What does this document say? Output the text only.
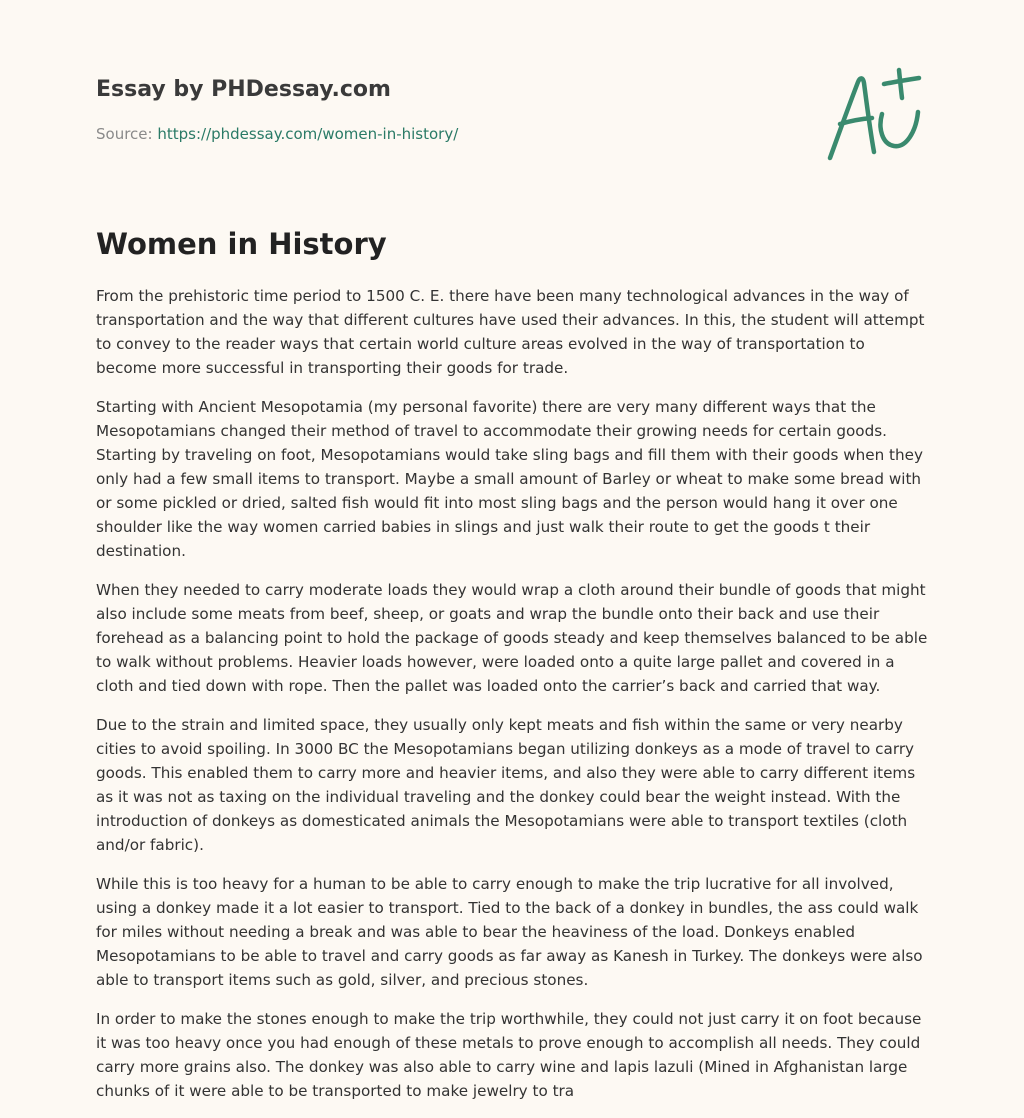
Essay by PHDessay.com
Source: https://phdessay.com/women-in-history/
Women in History

From the prehistoric time period to 1500 C. E. there have been many technological advances in the way of transportation and the way that different cultures have used their advances. In this, the student will attempt to convey to the reader ways that certain world culture areas evolved in the way of transportation to become more successful in transporting their goods for trade.

Starting with Ancient Mesopotamia (my personal favorite) there are very many different ways that the Mesopotamians changed their method of travel to accommodate their growing needs for certain goods. Starting by traveling on foot, Mesopotamians would take sling bags and fill them with their goods when they only had a few small items to transport. Maybe a small amount of Barley or wheat to make some bread with or some pickled or dried, salted fish would fit into most sling bags and the person would hang it over one shoulder like the way women carried babies in slings and just walk their route to get the goods t their destination.

When they needed to carry moderate loads they would wrap a cloth around their bundle of goods that might also include some meats from beef, sheep, or goats and wrap the bundle onto their back and use their forehead as a balancing point to hold the package of goods steady and keep themselves balanced to be able to walk without problems. Heavier loads however, were loaded onto a quite large pallet and covered in a cloth and tied down with rope. Then the pallet was loaded onto the carrier’s back and carried that way.

Due to the strain and limited space, they usually only kept meats and fish within the same or very nearby cities to avoid spoiling. In 3000 BC the Mesopotamians began utilizing donkeys as a mode of travel to carry goods. This enabled them to carry more and heavier items, and also they were able to carry different items as it was not as taxing on the individual traveling and the donkey could bear the weight instead. With the introduction of donkeys as domesticated animals the Mesopotamians were able to transport textiles (cloth and/or fabric).

While this is too heavy for a human to be able to carry enough to make the trip lucrative for all involved, using a donkey made it a lot easier to transport. Tied to the back of a donkey in bundles, the ass could walk for miles without needing a break and was able to bear the heaviness of the load. Donkeys enabled Mesopotamians to be able to travel and carry goods as far away as Kanesh in Turkey. The donkeys were also able to transport items such as gold, silver, and precious stones.

In order to make the stones enough to make the trip worthwhile, they could not just carry it on foot because it was too heavy once you had enough of these metals to prove enough to accomplish all needs. They could carry more grains also. The donkey was also able to carry wine and lapis lazuli (Mined in Afghanistan large chunks of it were able to be transported to make jewelry to tra
